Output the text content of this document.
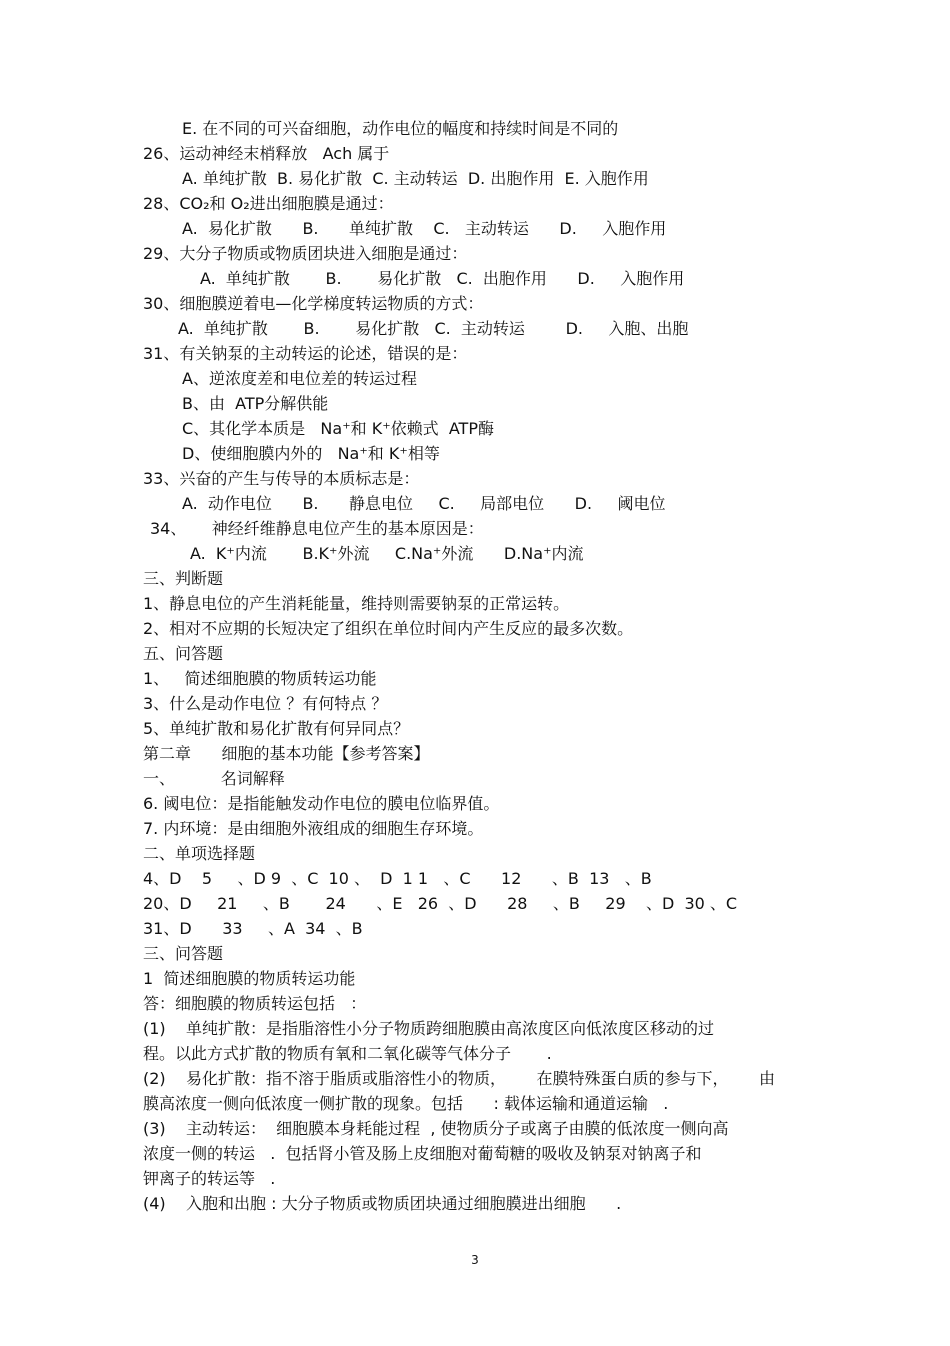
E. 在不同的可兴奋细胞，动作电位的幅度和持续时间是不同的
26、运动神经末梢释放   Ach 属于
A. 单纯扩散  B. 易化扩散  C. 主动转运  D. 出胞作用  E. 入胞作用
28、CO₂和 O₂进出细胞膜是通过：
A.  易化扩散      B.      单纯扩散    C.   主动转运      D.     入胞作用
29、大分子物质或物质团块进入细胞是通过：
A.  单纯扩散       B.       易化扩散   C.  出胞作用      D.     入胞作用
30、细胞膜逆着电—化学梯度转运物质的方式：
A.  单纯扩散       B.       易化扩散   C.  主动转运        D.     入胞、出胞
31、有关钠泵的主动转运的论述，错误的是：
A、逆浓度差和电位差的转运过程
B、由  ATP分解供能
C、其化学本质是   Na⁺和 K⁺依赖式  ATP酶
D、使细胞膜内外的   Na⁺和 K⁺相等
33、兴奋的产生与传导的本质标志是：
A.  动作电位      B.      静息电位     C.     局部电位      D.     阈电位
34、     神经纤维静息电位产生的基本原因是：
A.  K⁺内流       B.K⁺外流     C.Na⁺外流      D.Na⁺内流
三、判断题
1、静息电位的产生消耗能量，维持则需要钠泵的正常运转。
2、相对不应期的长短决定了组织在单位时间内产生反应的最多次数。
五、问答题
1、   简述细胞膜的物质转运功能
3、什么是动作电位 ？有何特点 ？
5、单纯扩散和易化扩散有何异同点？
第二章      细胞的基本功能【参考答案】
一、         名词解释
6. 阈电位：是指能触发动作电位的膜电位临界值。
7. 内环境：是由细胞外液组成的细胞生存环境。
二、单项选择题
4、D    5     、D 9  、C  10 、  D  1 1   、C      12      、B  13   、B
20、D     21     、B       24      、E   26  、D      28     、B     29    、D  30 、C
31、D      33     、A  34  、B
三、问答题
1  简述细胞膜的物质转运功能
答：细胞膜的物质转运包括   ：
(1)    单纯扩散：是指脂溶性小分子物质跨细胞膜由高浓度区向低浓度区移动的过
程。以此方式扩散的物质有氧和二氧化碳等气体分子       .
(2)    易化扩散：指不溶于脂质或脂溶性小的物质，      在膜特殊蛋白质的参与下，      由
膜高浓度一侧向低浓度一侧扩散的现象。包括      : 载体运输和通道运输   .
(3)    主动转运：  细胞膜本身耗能过程  , 使物质分子或离子由膜的低浓度一侧向高
浓度一侧的转运   .  包括肾小管及肠上皮细胞对葡萄糖的吸收及钠泵对钠离子和
钾离子的转运等   .
(4)    入胞和出胞 : 大分子物质或物质团块通过细胞膜进出细胞      .
3
